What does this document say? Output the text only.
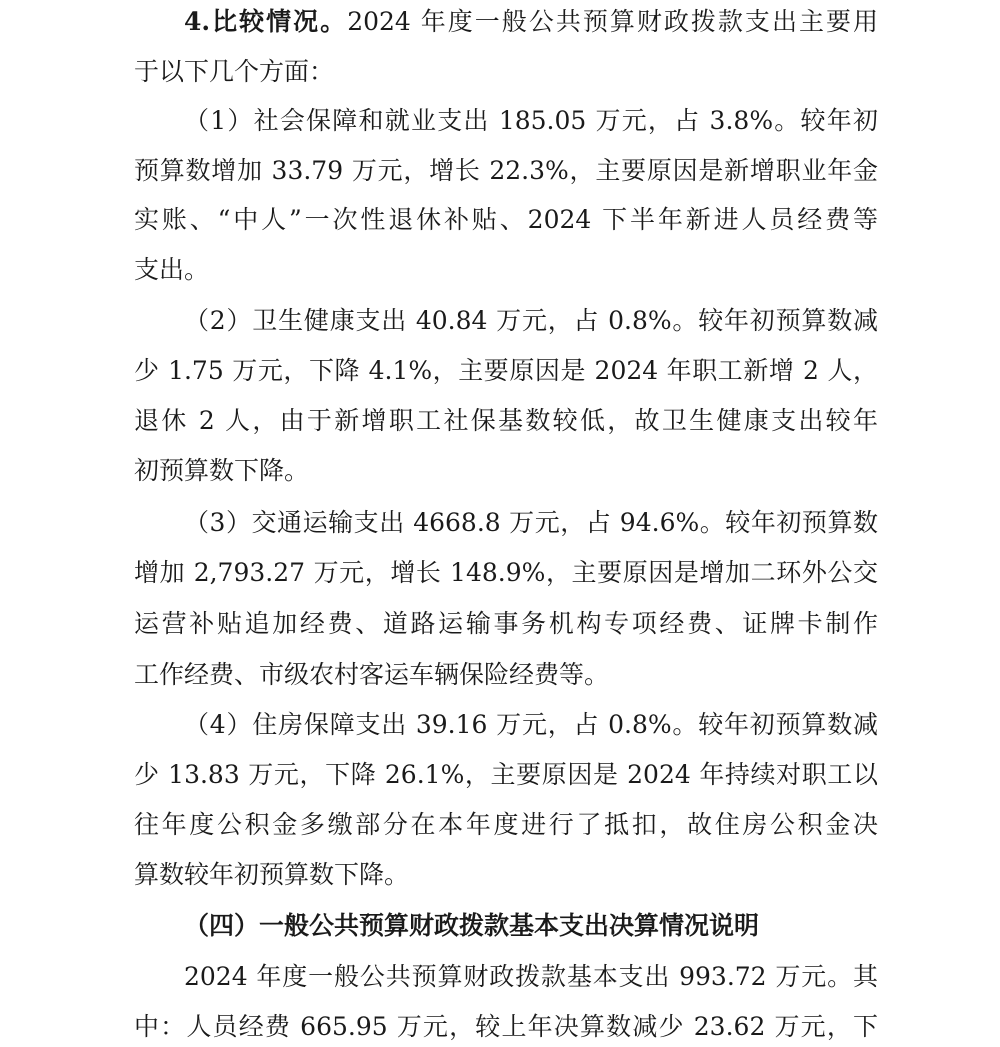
4.比较情况。2024 年度一般公共预算财政拨款支出主要用
于以下几个方面：
（1）社会保障和就业支出 185.05 万元，占 3.8%。较年初
预算数增加 33.79 万元，增长 22.3%，主要原因是新增职业年金
实账、“中人”一次性退休补贴、2024 下半年新进人员经费等
支出。
（2）卫生健康支出 40.84 万元，占 0.8%。较年初预算数减
少 1.75 万元，下降 4.1%，主要原因是 2024 年职工新增 2 人，
退休 2 人，由于新增职工社保基数较低，故卫生健康支出较年
初预算数下降。
（3）交通运输支出 4668.8 万元，占 94.6%。较年初预算数
增加 2,793.27 万元，增长 148.9%，主要原因是增加二环外公交
运营补贴追加经费、道路运输事务机构专项经费、证牌卡制作
工作经费、市级农村客运车辆保险经费等。
（4）住房保障支出 39.16 万元，占 0.8%。较年初预算数减
少 13.83 万元，下降 26.1%，主要原因是 2024 年持续对职工以
往年度公积金多缴部分在本年度进行了抵扣，故住房公积金决
算数较年初预算数下降。
（四）一般公共预算财政拨款基本支出决算情况说明
2024 年度一般公共预算财政拨款基本支出 993.72 万元。其
中：人员经费 665.95 万元，较上年决算数减少 23.62 万元，下
